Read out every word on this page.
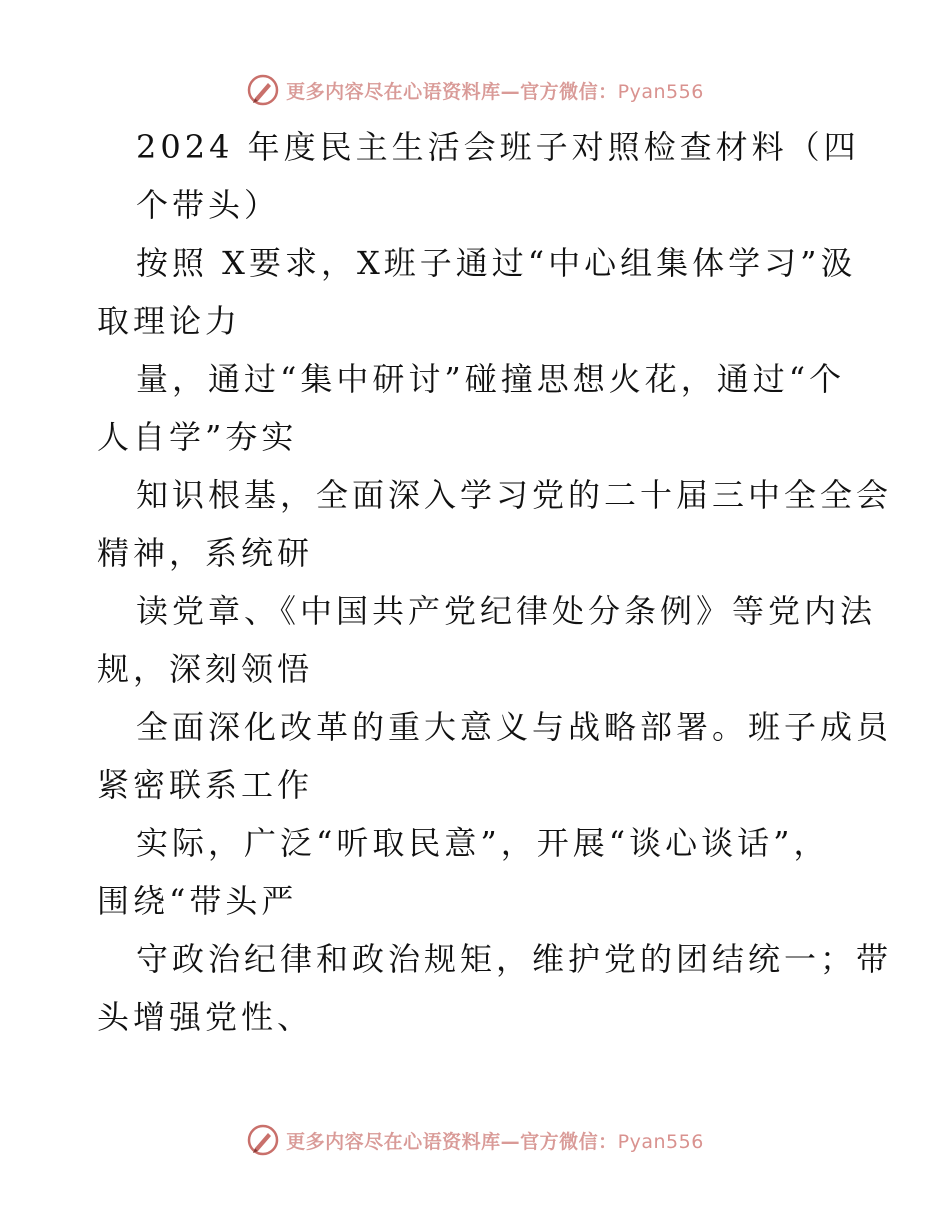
更多内容尽在心语资料库—官方微信：Pyan556

2024 年度民主生活会班子对照检查材料（四
个带头）

按照 X要求，X班子通过“中心组集体学习”汲
取理论力

量，通过“集中研讨”碰撞思想火花，通过“个
人自学”夯实

知识根基，全面深入学习党的二十届三中全全会
精神，系统研

读党章、《中国共产党纪律处分条例》等党内法
规，深刻领悟

全面深化改革的重大意义与战略部署。班子成员
紧密联系工作

实际，广泛“听取民意”，开展“谈心谈话”，
围绕“带头严

守政治纪律和政治规矩，维护党的团结统一；带
头增强党性、

更多内容尽在心语资料库—官方微信：Pyan556
